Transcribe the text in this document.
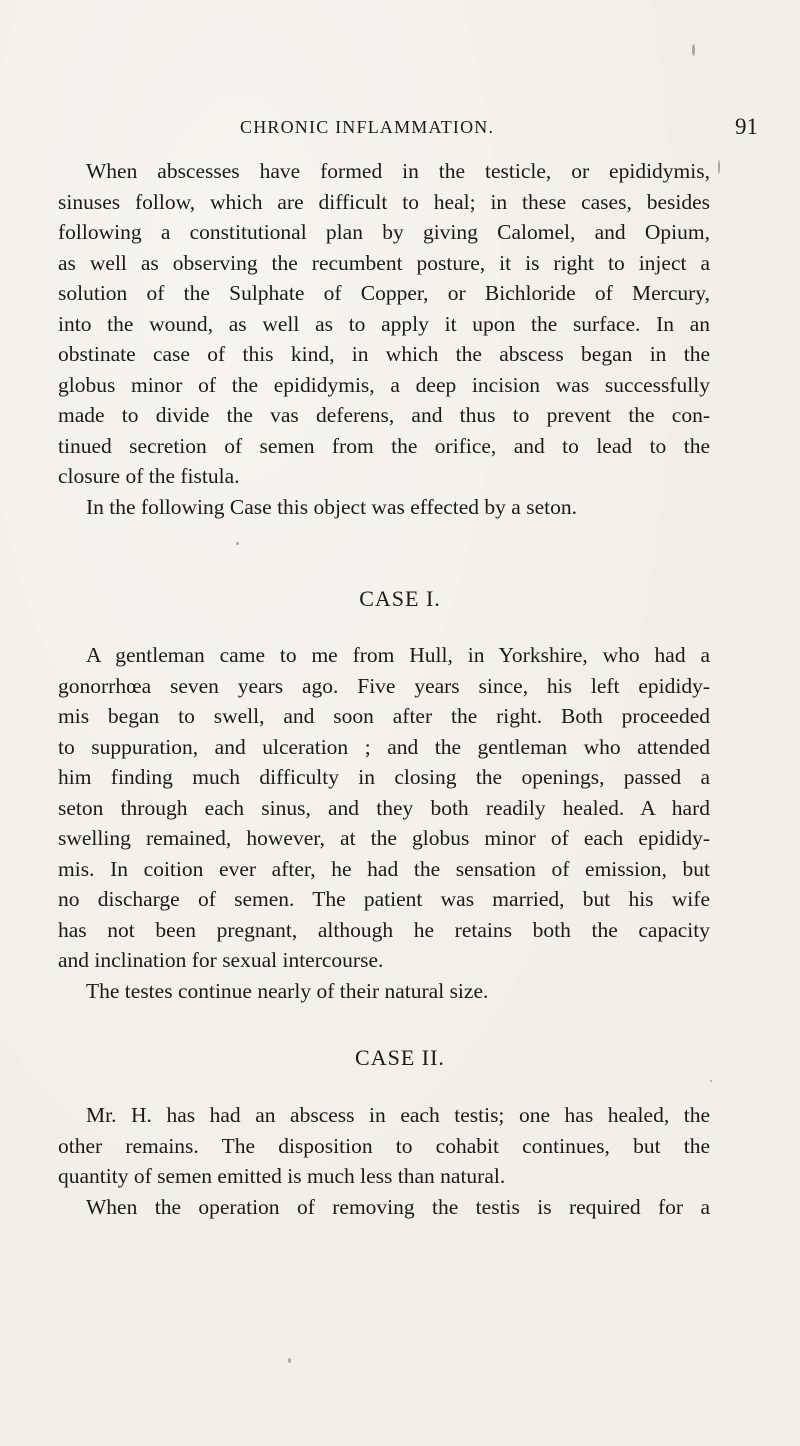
CHRONIC INFLAMMATION.	91
When abscesses have formed in the testicle, or epididymis,
sinuses follow, which are difficult to heal; in these cases, besides
following a constitutional plan by giving Calomel, and Opium,
as well as observing the recumbent posture, it is right to inject a
solution of the Sulphate of Copper, or Bichloride of Mercury,
into the wound, as well as to apply it upon the surface. In an
obstinate case of this kind, in which the abscess began in the
globus minor of the epididymis, a deep incision was successfully
made to divide the vas deferens, and thus to prevent the con-
tinued secretion of semen from the orifice, and to lead to the
closure of the fistula.
In the following Case this object was effected by a seton.
CASE I.
A gentleman came to me from Hull, in Yorkshire, who had a
gonorrhœa seven years ago. Five years since, his left epididy-
mis began to swell, and soon after the right. Both proceeded
to suppuration, and ulceration ; and the gentleman who attended
him finding much difficulty in closing the openings, passed a
seton through each sinus, and they both readily healed. A hard
swelling remained, however, at the globus minor of each epididy-
mis. In coition ever after, he had the sensation of emission, but
no discharge of semen. The patient was married, but his wife
has not been pregnant, although he retains both the capacity
and inclination for sexual intercourse.
The testes continue nearly of their natural size.
CASE II.
Mr. H. has had an abscess in each testis; one has healed, the
other remains. The disposition to cohabit continues, but the
quantity of semen emitted is much less than natural.
When the operation of removing the testis is required for a
